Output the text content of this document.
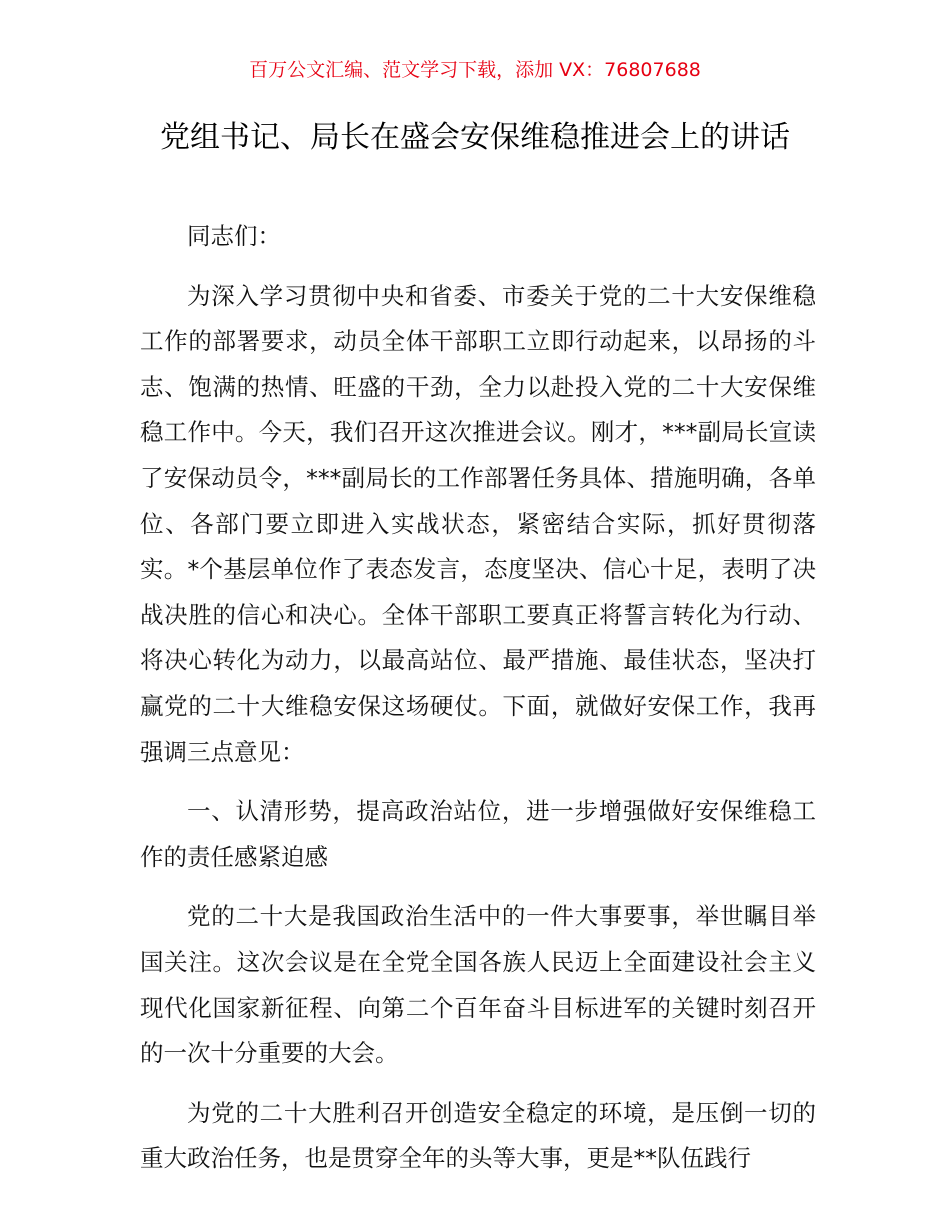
百万公文汇编、范文学习下载，添加 VX：76807688
党组书记、局长在盛会安保维稳推进会上的讲话

同志们：

为深入学习贯彻中央和省委、市委关于党的二十大安保维稳工作的部署要求，动员全体干部职工立即行动起来，以昂扬的斗志、饱满的热情、旺盛的干劲，全力以赴投入党的二十大安保维稳工作中。今天，我们召开这次推进会议。刚才，***副局长宣读了安保动员令，***副局长的工作部署任务具体、措施明确，各单位、各部门要立即进入实战状态，紧密结合实际，抓好贯彻落实。*个基层单位作了表态发言，态度坚决、信心十足，表明了决战决胜的信心和决心。全体干部职工要真正将誓言转化为行动、将决心转化为动力，以最高站位、最严措施、最佳状态，坚决打赢党的二十大维稳安保这场硬仗。下面，就做好安保工作，我再强调三点意见：

一、认清形势，提高政治站位，进一步增强做好安保维稳工作的责任感紧迫感

党的二十大是我国政治生活中的一件大事要事，举世瞩目举国关注。这次会议是在全党全国各族人民迈上全面建设社会主义现代化国家新征程、向第二个百年奋斗目标进军的关键时刻召开的一次十分重要的大会。

为党的二十大胜利召开创造安全稳定的环境，是压倒一切的重大政治任务，也是贯穿全年的头等大事，更是**队伍践行
